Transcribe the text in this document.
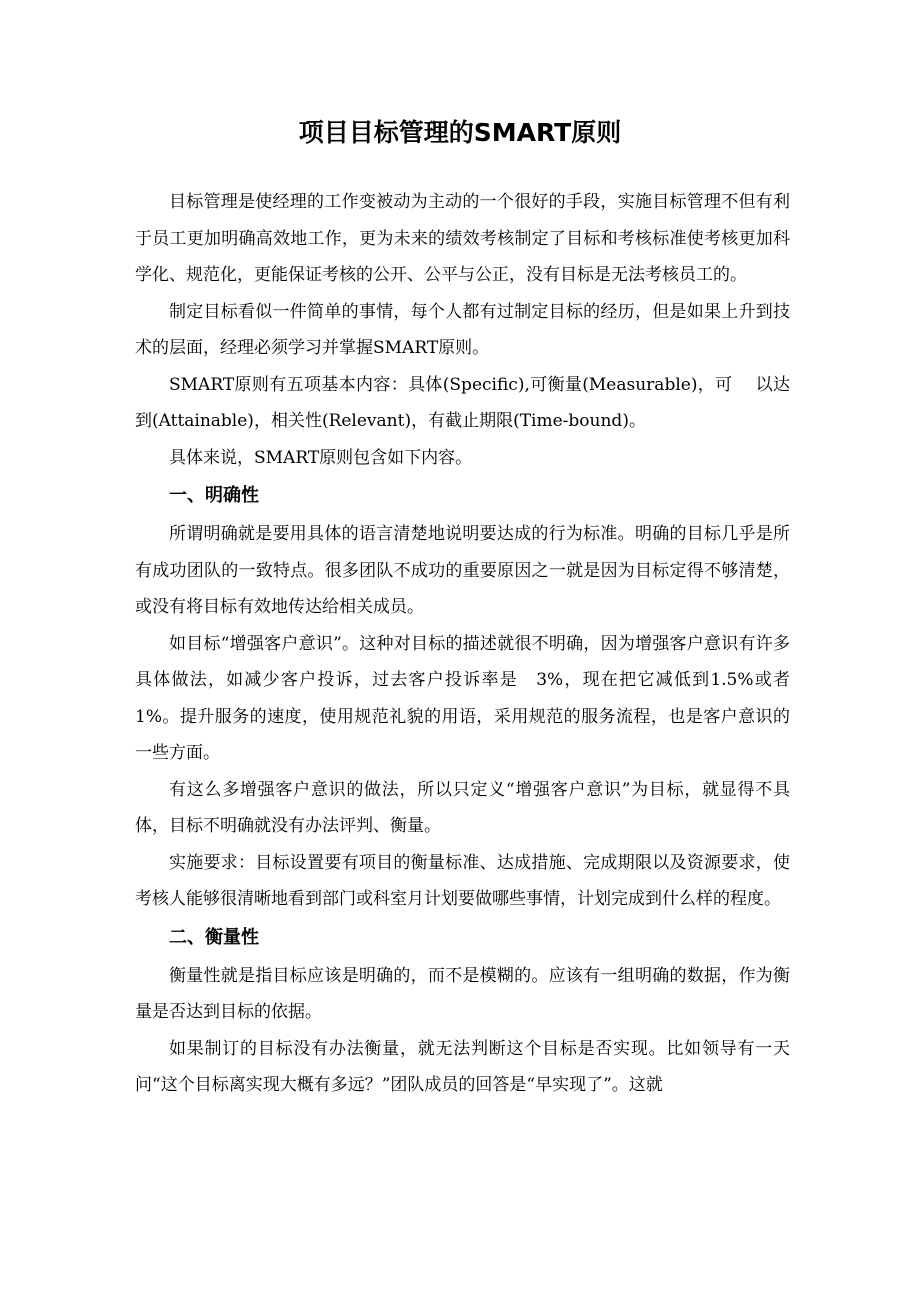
项目目标管理的SMART原则

目标管理是使经理的工作变被动为主动的一个很好的手段，实施目标管理不但有利于员工更加明确高效地工作，更为未来的绩效考核制定了目标和考核标准使考核更加科学化、规范化，更能保证考核的公开、公平与公正，没有目标是无法考核员工的。

制定目标看似一件简单的事情，每个人都有过制定目标的经历，但是如果上升到技术的层面，经理必须学习并掌握SMART原则。

SMART原则有五项基本内容：具体(Specific),可衡量(Measurable)，可　 以达到(Attainable)，相关性(Relevant)，有截止期限(Time-bound)。

具体来说，SMART原则包含如下内容。

一、明确性

所谓明确就是要用具体的语言清楚地说明要达成的行为标准。明确的目标几乎是所有成功团队的一致特点。很多团队不成功的重要原因之一就是因为目标定得不够清楚，或没有将目标有效地传达给相关成员。

如目标“增强客户意识”。这种对目标的描述就很不明确，因为增强客户意识有许多具体做法，如减少客户投诉，过去客户投诉率是　3%，现在把它减低到1.5%或者　1%。提升服务的速度，使用规范礼貌的用语，采用规范的服务流程，也是客户意识的一些方面。

有这么多增强客户意识的做法，所以只定义“增强客户意识”为目标，就显得不具体，目标不明确就没有办法评判、衡量。

实施要求：目标设置要有项目的衡量标准、达成措施、完成期限以及资源要求，使考核人能够很清晰地看到部门或科室月计划要做哪些事情，计划完成到什么样的程度。

二、衡量性

衡量性就是指目标应该是明确的，而不是模糊的。应该有一组明确的数据，作为衡量是否达到目标的依据。

如果制订的目标没有办法衡量，就无法判断这个目标是否实现。比如领导有一天问“这个目标离实现大概有多远？”团队成员的回答是“早实现了”。这就
